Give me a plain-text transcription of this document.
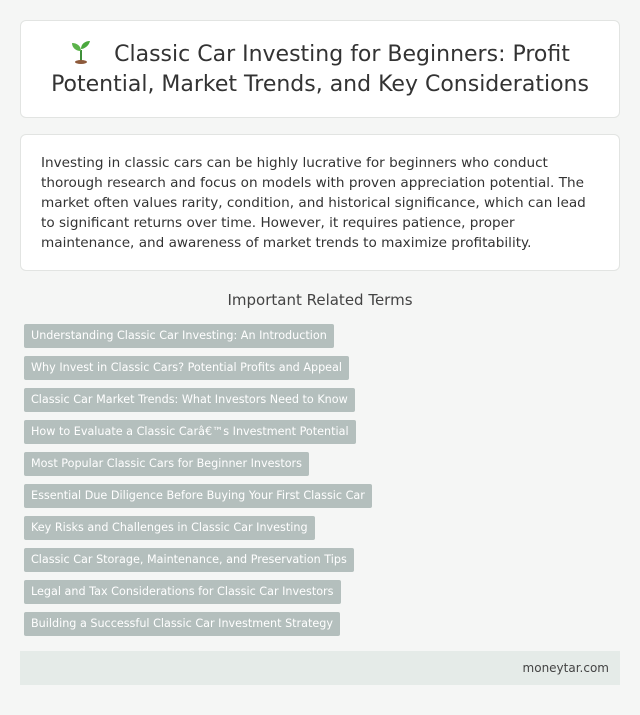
Classic Car Investing for Beginners: Profit Potential, Market Trends, and Key Considerations

Investing in classic cars can be highly lucrative for beginners who conduct thorough research and focus on models with proven appreciation potential. The market often values rarity, condition, and historical significance, which can lead to significant returns over time. However, it requires patience, proper maintenance, and awareness of market trends to maximize profitability.

Important Related Terms
Understanding Classic Car Investing: An Introduction
Why Invest in Classic Cars? Potential Profits and Appeal
Classic Car Market Trends: What Investors Need to Know
How to Evaluate a Classic Carâ€™s Investment Potential
Most Popular Classic Cars for Beginner Investors
Essential Due Diligence Before Buying Your First Classic Car
Key Risks and Challenges in Classic Car Investing
Classic Car Storage, Maintenance, and Preservation Tips
Legal and Tax Considerations for Classic Car Investors
Building a Successful Classic Car Investment Strategy
moneytar.com
